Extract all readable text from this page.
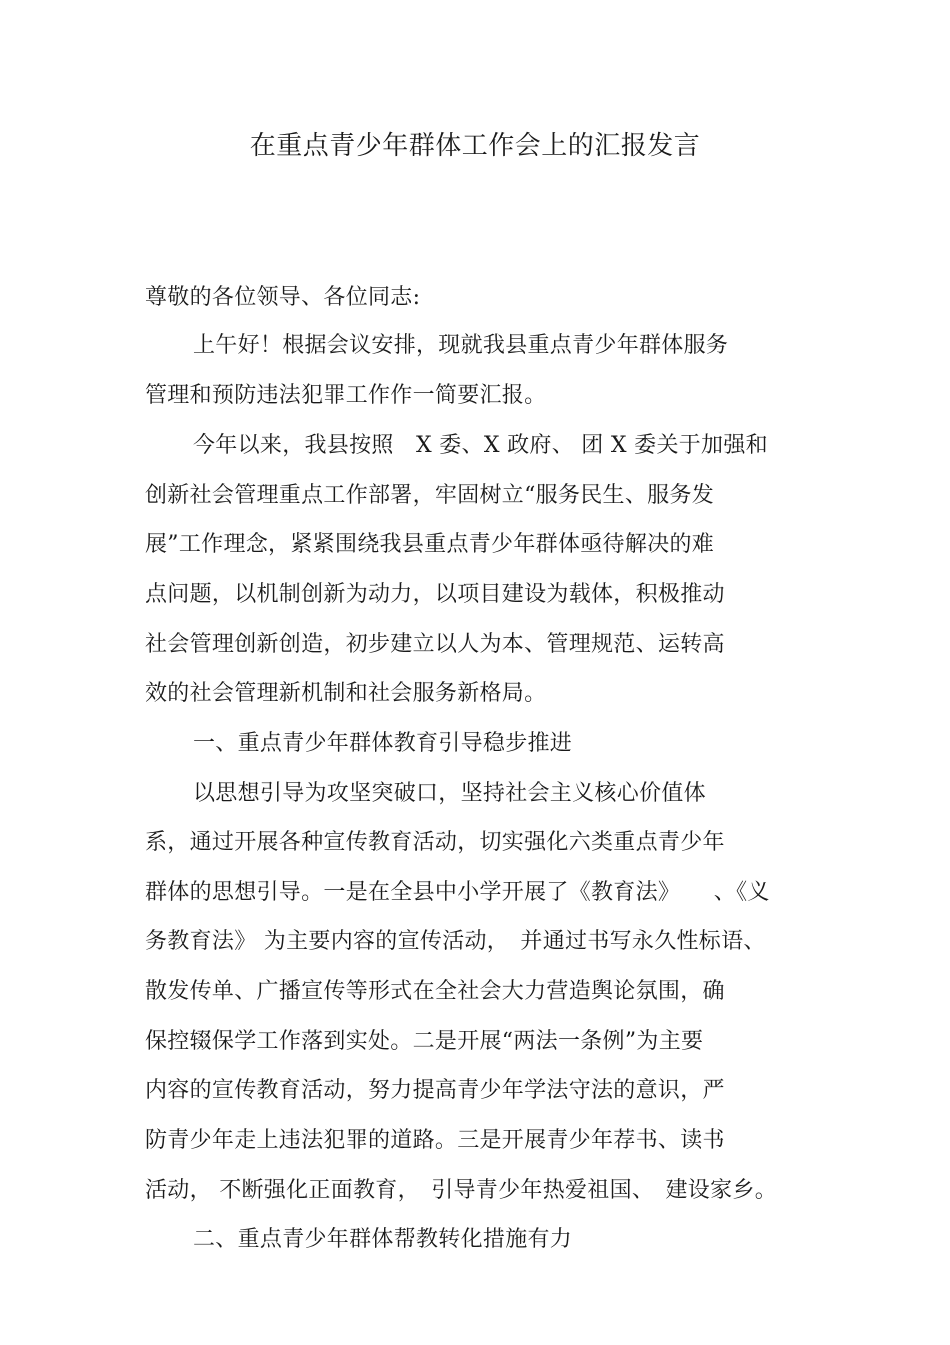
在重点青少年群体工作会上的汇报发言
尊敬的各位领导、各位同志:
上午好！根据会议安排，现就我县重点青少年群体服务
管理和预防违法犯罪工作作一简要汇报。
今年以来，我县按照　X 委、X 政府、 团 X 委关于加强和
创新社会管理重点工作部署，牢固树立“服务民生、服务发
展”工作理念，紧紧围绕我县重点青少年群体亟待解决的难
点问题，以机制创新为动力，以项目建设为载体，积极推动
社会管理创新创造，初步建立以人为本、管理规范、运转高
效的社会管理新机制和社会服务新格局。
一、重点青少年群体教育引导稳步推进
以思想引导为攻坚突破口，坚持社会主义核心价值体
系，通过开展各种宣传教育活动，切实强化六类重点青少年
群体的思想引导。一是在全县中小学开展了《教育法》　　、《义
务教育法》 为主要内容的宣传活动，　并通过书写永久性标语、
散发传单、广播宣传等形式在全社会大力营造舆论氛围，确
保控辍保学工作落到实处。二是开展“两法一条例”为主要
内容的宣传教育活动，努力提高青少年学法守法的意识，严
防青少年走上违法犯罪的道路。三是开展青少年荐书、读书
活动， 不断强化正面教育，　引导青少年热爱祖国、　建设家乡。
二、重点青少年群体帮教转化措施有力
